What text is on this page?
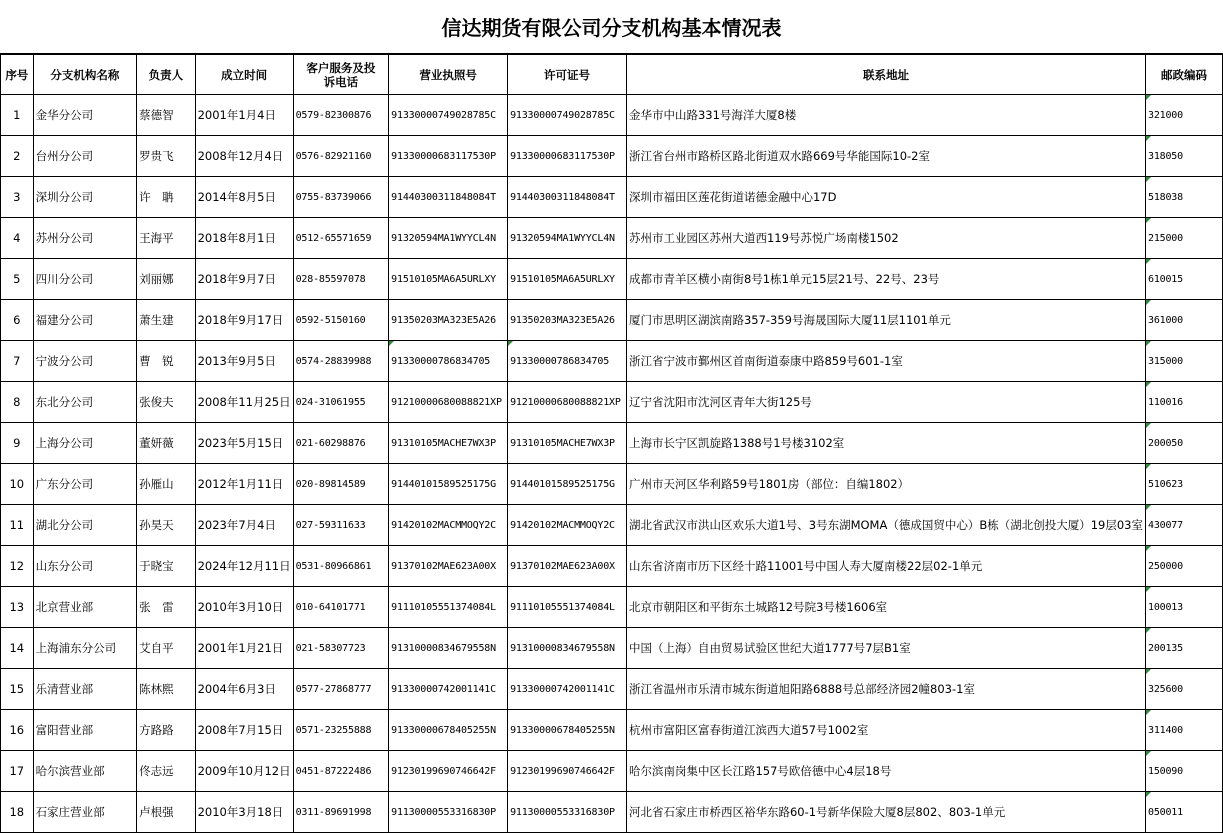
信达期货有限公司分支机构基本情况表
序号	分支机构名称	负责人	成立时间	客户服务及投诉电话	营业执照号	许可证号	联系地址	邮政编码
1	金华分公司	蔡德智	2001年1月4日	0579-82300876	91330000749028785C	91330000749028785C	金华市中山路331号海洋大厦8楼	321000
2	台州分公司	罗贵飞	2008年12月4日	0576-82921160	91330000683117530P	91330000683117530P	浙江省台州市路桥区路北街道双水路669号华能国际10-2室	318050
3	深圳分公司	许　聃	2014年8月5日	0755-83739066	91440300311848084T	91440300311848084T	深圳市福田区莲花街道诺德金融中心17D	518038
4	苏州分公司	王海平	2018年8月1日	0512-65571659	91320594MA1WYYCL4N	91320594MA1WYYCL4N	苏州市工业园区苏州大道西119号苏悦广场南楼1502	215000
5	四川分公司	刘丽娜	2018年9月7日	028-85597078	91510105MA6A5URLXY	91510105MA6A5URLXY	成都市青羊区横小南街8号1栋1单元15层21号、22号、23号	610015
6	福建分公司	萧生建	2018年9月17日	0592-5150160	91350203MA323E5A26	91350203MA323E5A26	厦门市思明区湖滨南路357-359号海晟国际大厦11层1101单元	361000
7	宁波分公司	曹　锐	2013年9月5日	0574-28839988	91330000786834705	91330000786834705	浙江省宁波市鄞州区首南街道泰康中路859号601-1室	315000
8	东北分公司	张俊夫	2008年11月25日	024-31061955	91210000680088821XP	91210000680088821XP	辽宁省沈阳市沈河区青年大街125号	110016
9	上海分公司	董妍薇	2023年5月15日	021-60298876	91310105MACHE7WX3P	91310105MACHE7WX3P	上海市长宁区凯旋路1388号1号楼3102室	200050
10	广东分公司	孙雁山	2012年1月11日	020-89814589	91440101589525175G	91440101589525175G	广州市天河区华利路59号1801房（部位：自编1802）	510623
11	湖北分公司	孙昊天	2023年7月4日	027-59311633	91420102MACMMOQY2C	91420102MACMMOQY2C	湖北省武汉市洪山区欢乐大道1号、3号东湖MOMA（德成国贸中心）B栋（湖北创投大厦）19层03室	430077
12	山东分公司	于晓宝	2024年12月11日	0531-80966861	91370102MAE623A00X	91370102MAE623A00X	山东省济南市历下区经十路11001号中国人寿大厦南楼22层02-1单元	250000
13	北京营业部	张　雷	2010年3月10日	010-64101771	91110105551374084L	91110105551374084L	北京市朝阳区和平街东土城路12号院3号楼1606室	100013
14	上海浦东分公司	艾自平	2001年1月21日	021-58307723	91310000834679558N	91310000834679558N	中国（上海）自由贸易试验区世纪大道1777号7层B1室	200135
15	乐清营业部	陈林熙	2004年6月3日	0577-27868777	91330000742001141C	91330000742001141C	浙江省温州市乐清市城东街道旭阳路6888号总部经济园2幢803-1室	325600
16	富阳营业部	方路路	2008年7月15日	0571-23255888	91330000678405255N	91330000678405255N	杭州市富阳区富春街道江滨西大道57号1002室	311400
17	哈尔滨营业部	佟志远	2009年10月12日	0451-87222486	91230199690746642F	91230199690746642F	哈尔滨南岗集中区长江路157号欧倍德中心4层18号	150090
18	石家庄营业部	卢根强	2010年3月18日	0311-89691998	91130000553316830P	91130000553316830P	河北省石家庄市桥西区裕华东路60-1号新华保险大厦8层802、803-1单元	050011
